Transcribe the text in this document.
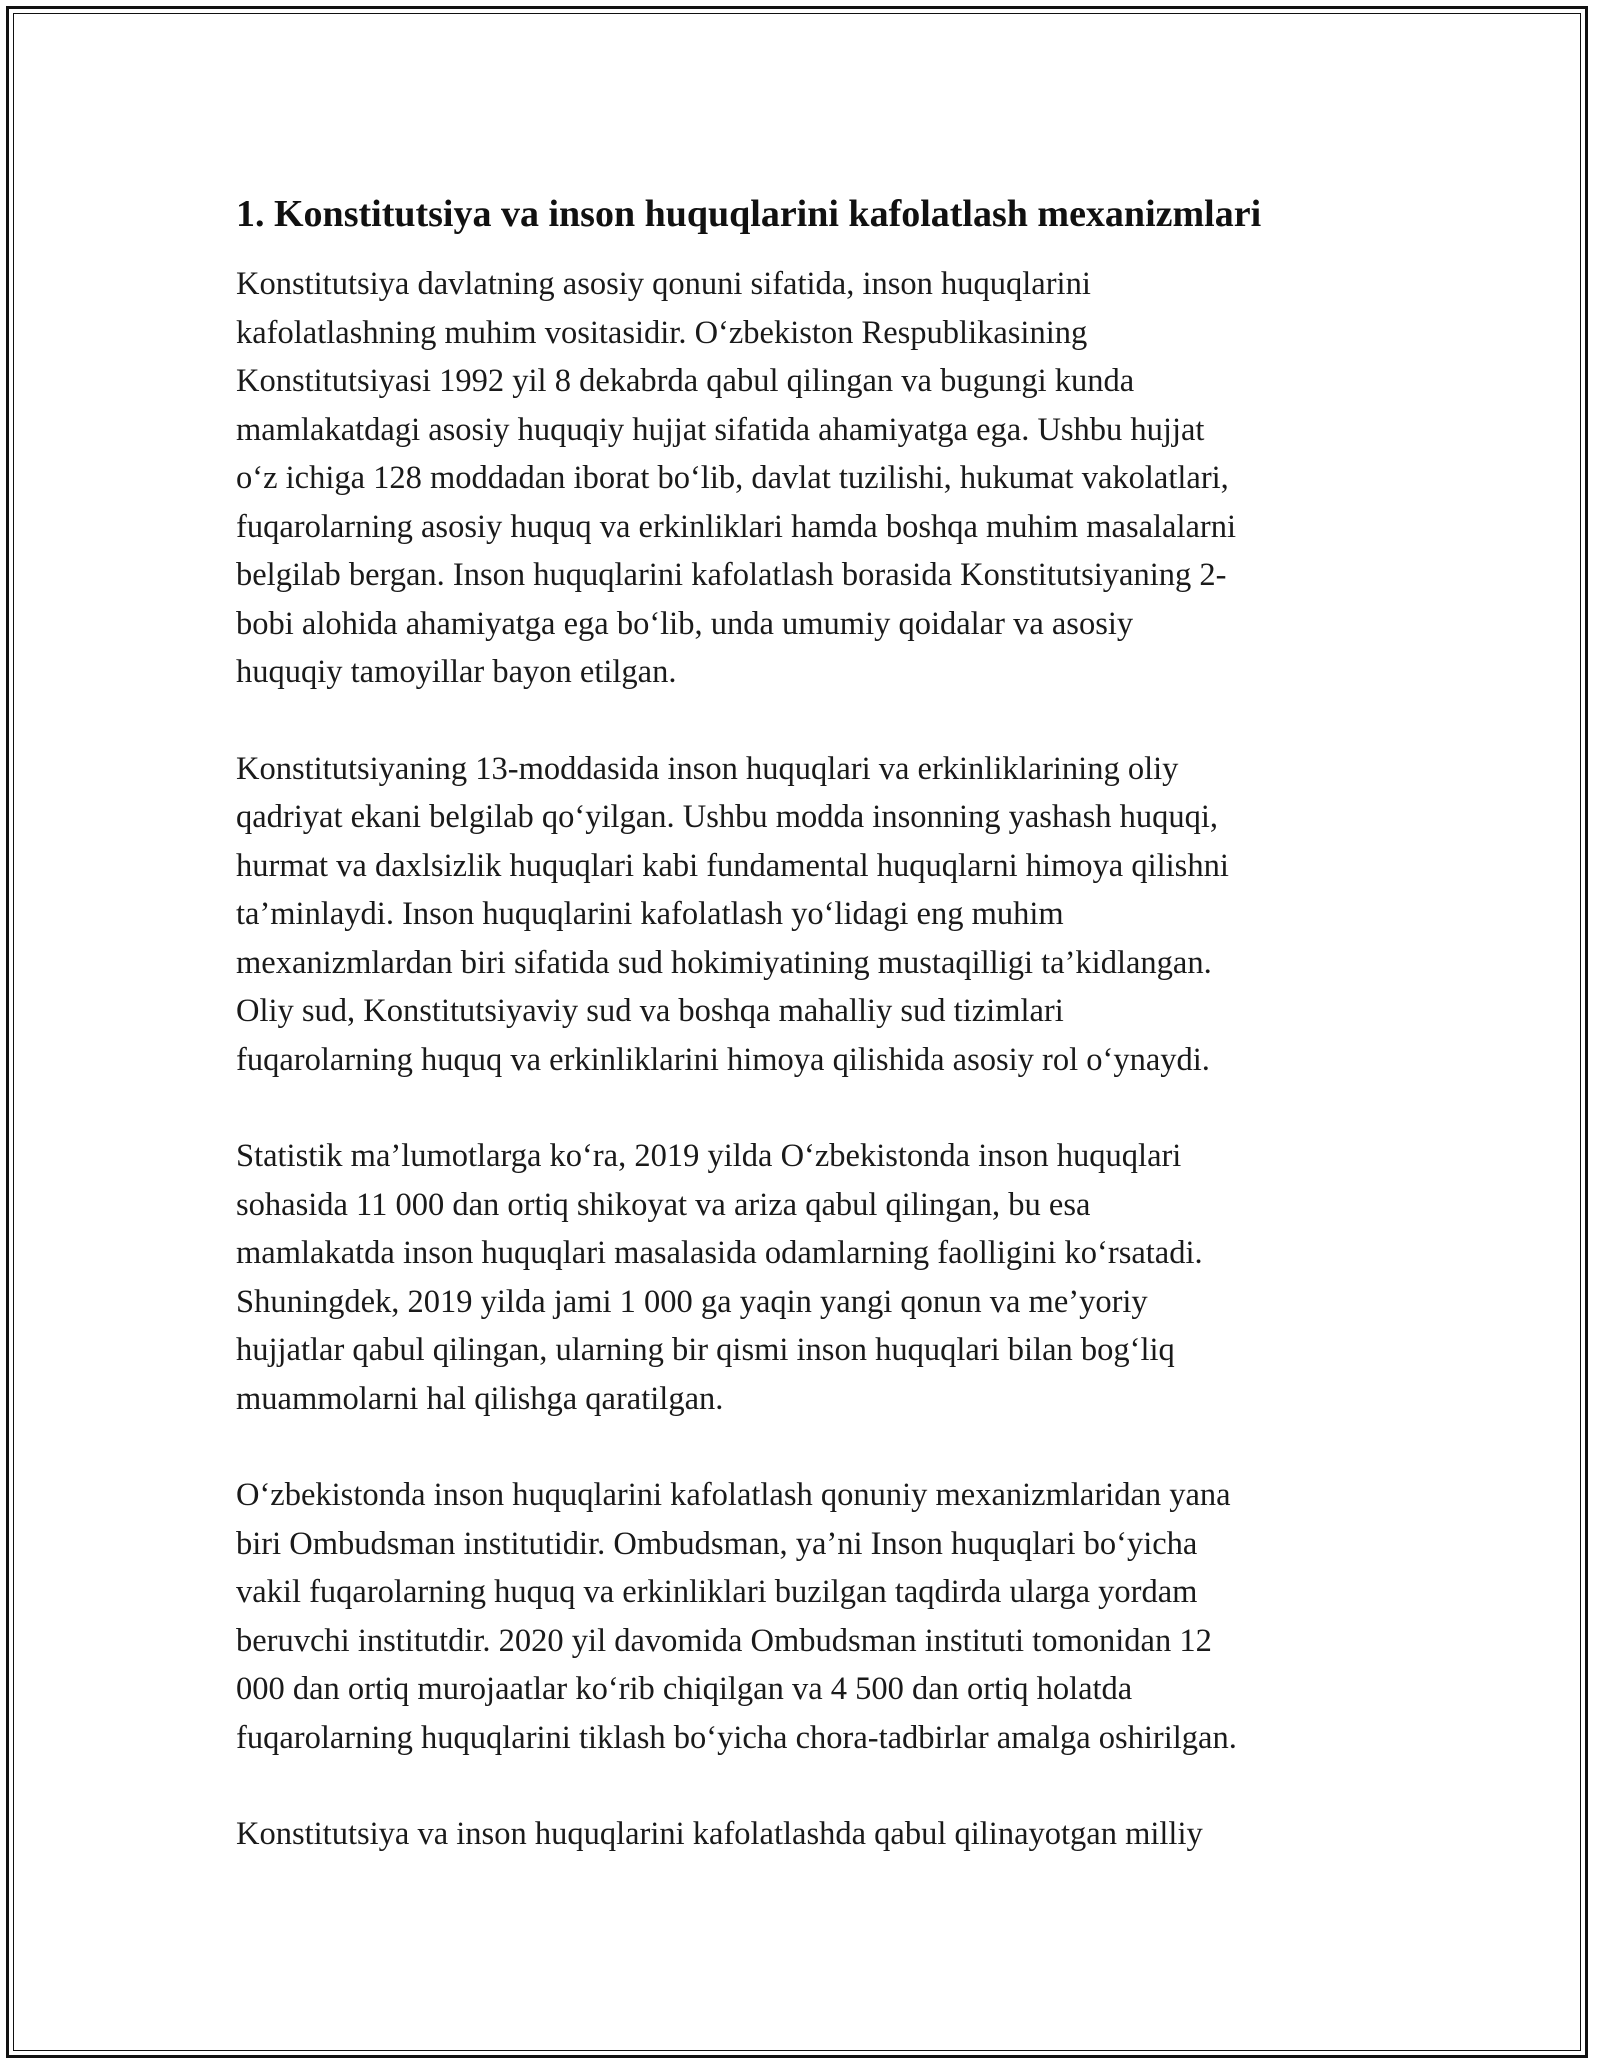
1. Konstitutsiya va inson huquqlarini kafolatlash mexanizmlari
Konstitutsiya davlatning asosiy qonuni sifatida, inson huquqlarini
kafolatlashning muhim vositasidir. O‘zbekiston Respublikasining
Konstitutsiyasi 1992 yil 8 dekabrda qabul qilingan va bugungi kunda
mamlakatdagi asosiy huquqiy hujjat sifatida ahamiyatga ega. Ushbu hujjat
o‘z ichiga 128 moddadan iborat bo‘lib, davlat tuzilishi, hukumat vakolatlari,
fuqarolarning asosiy huquq va erkinliklari hamda boshqa muhim masalalarni
belgilab bergan. Inson huquqlarini kafolatlash borasida Konstitutsiyaning 2-
bobi alohida ahamiyatga ega bo‘lib, unda umumiy qoidalar va asosiy
huquqiy tamoyillar bayon etilgan.
Konstitutsiyaning 13-moddasida inson huquqlari va erkinliklarining oliy
qadriyat ekani belgilab qo‘yilgan. Ushbu modda insonning yashash huquqi,
hurmat va daxlsizlik huquqlari kabi fundamental huquqlarni himoya qilishni
ta’minlaydi. Inson huquqlarini kafolatlash yo‘lidagi eng muhim
mexanizmlardan biri sifatida sud hokimiyatining mustaqilligi ta’kidlangan.
Oliy sud, Konstitutsiyaviy sud va boshqa mahalliy sud tizimlari
fuqarolarning huquq va erkinliklarini himoya qilishida asosiy rol o‘ynaydi.
Statistik ma’lumotlarga ko‘ra, 2019 yilda O‘zbekistonda inson huquqlari
sohasida 11 000 dan ortiq shikoyat va ariza qabul qilingan, bu esa
mamlakatda inson huquqlari masalasida odamlarning faolligini ko‘rsatadi.
Shuningdek, 2019 yilda jami 1 000 ga yaqin yangi qonun va me’yoriy
hujjatlar qabul qilingan, ularning bir qismi inson huquqlari bilan bog‘liq
muammolarni hal qilishga qaratilgan.
O‘zbekistonda inson huquqlarini kafolatlash qonuniy mexanizmlaridan yana
biri Ombudsman institutidir. Ombudsman, ya’ni Inson huquqlari bo‘yicha
vakil fuqarolarning huquq va erkinliklari buzilgan taqdirda ularga yordam
beruvchi institutdir. 2020 yil davomida Ombudsman instituti tomonidan 12
000 dan ortiq murojaatlar ko‘rib chiqilgan va 4 500 dan ortiq holatda
fuqarolarning huquqlarini tiklash bo‘yicha chora-tadbirlar amalga oshirilgan.
Konstitutsiya va inson huquqlarini kafolatlashda qabul qilinayotgan milliy
